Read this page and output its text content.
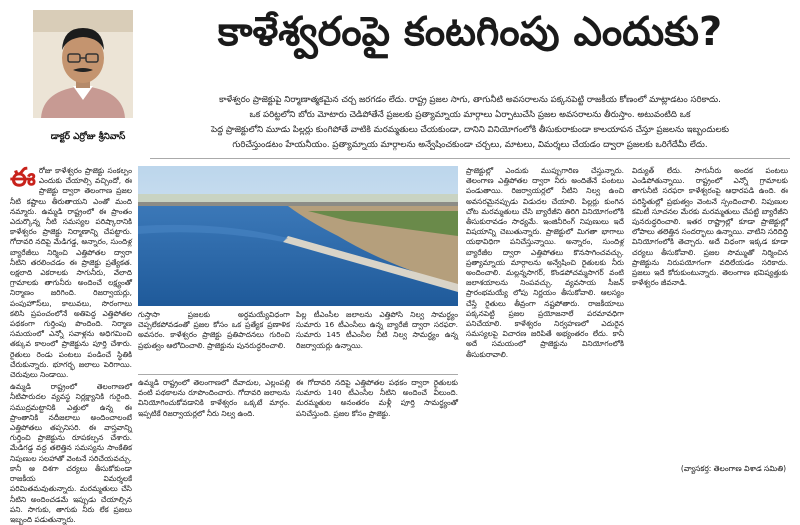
డాక్టర్ ఎర్రోజు శ్రీనివాస్
కాళేశ్వరంపై కంటగింపు ఎందుకు?
కాళేశ్వరం ప్రాజెక్టుపై నిర్మాణాత్మకమైన చర్చ జరగడం లేదు. రాష్ట్ర ప్రజల సాగు, తాగునీటి అవసరాలను పక్కనపెట్టి రాజకీయ కోణంలో మాట్లాడటం సరికాదు.
ఒక పరిట్టలోని బోరు మోటారు చెడిపోతేనే ప్రజలకు ప్రత్యామ్నాయ మార్గాలు ఏర్పాటుచేసి ప్రజల అవసరాలను తీరుస్తాం. అటువంటిది ఒక
పెద్ద ప్రాజెక్టులోని మూడు పిల్లర్లు కుంగిపోతే వాటికి మరమ్మతులు చేయకుండా, దానిని వినియోగంలోకి తీసుకురాకుండా కాలయాపన చేస్తూ ప్రజలను ఇబ్బందులకు
గురిచేస్తుండటం హేయనీయం. ప్రత్యామ్నాయ మార్గాలను అన్వేషించకుండా చర్చలు, మాటలు, విమర్శలు చేయడం ద్వారా ప్రజలకు ఒరిగేదేమీ లేదు.
ఈ రోజు కాళేశ్వరం ప్రాజెక్టు సంకల్పం ఎందుకు చేయాల్సి వచ్చిందో, ఈ ప్రాజెక్టు ద్వారా తెలంగాణ ప్రజల నీటి కష్టాలు తీరుతాయని ఎంతో మంది నమ్మారు. ఉమ్మడి రాష్ట్రంలో ఈ ప్రాంతం ఎదుర్కొన్న నీటి సమస్యల పరిష్కారానికి కాళేశ్వరం ప్రాజెక్టు నిర్మాణాన్ని చేపట్టారు. గోదావరి నదిపై మేడిగడ్డ, అన్నారం, సుందిళ్ల బ్యారేజీలు నిర్మించి ఎత్తిపోతల ద్వారా నీటిని తరలించడం ఈ ప్రాజెక్టు ప్రత్యేకత. లక్షలాది ఎకరాలకు సాగునీరు, వేలాది గ్రామాలకు తాగునీరు అందించే లక్ష్యంతో నిర్మాణం జరిగింది. రిజర్వాయర్లు, పంపుహౌస్‌లు, కాలువలు, సొరంగాలు కలిసి ప్రపంచంలోనే అతిపెద్ద ఎత్తిపోతల పథకంగా గుర్తింపు పొందింది. నిర్మాణ సమయంలో ఎన్నో సవాళ్లను అధిగమించి తక్కువ కాలంలో ప్రాజెక్టును పూర్తి చేశారు. రైతులు రెండు పంటలు పండించే స్థితికి చేరుకున్నారు. భూగర్భ జలాలు పెరిగాయి. చెరువులు నిండాయి.

ఉమ్మడి రాష్ట్రంలో తెలంగాణలో నీటిపారుదల వ్యవస్థ నిర్లక్ష్యానికి గురైంది. సముద్రమట్టానికి ఎత్తులో ఉన్న ఈ ప్రాంతానికి నదీజలాలు అందించాలంటే ఎత్తిపోతలు తప్పనిసరి. ఈ వాస్తవాన్ని గుర్తించి ప్రాజెక్టును రూపకల్పన చేశారు. మేడిగడ్డ వద్ద తలెత్తిన సమస్యను సాంకేతిక నిపుణుల సలహాతో వెంటనే సరిచేయవచ్చు. కానీ ఆ దిశగా చర్యలు తీసుకోకుండా రాజకీయ విమర్శలకే పరిమితమవుతున్నారు. మరమ్మతులు చేసి నీటిని అందించడమే ఇప్పుడు చేయాల్సిన పని. సాగుకు, తాగుకు నీరు లేక ప్రజలు ఇబ్బంది పడుతున్నారు.

గుస్తాసా ప్రజలకు అర్థమయ్యేవిధంగా చెప్పలేకపోవడంతో ప్రజల కోసం ఒక ప్రత్యేక ప్రణాళిక అవసరం. కాళేశ్వరం ప్రాజెక్టు ప్రతిపాదనలు గురించి ప్రభుత్వం ఆలోచించాలి. ప్రాజెక్టును పునరుద్ధరించాలి.
పిల్ల టీఎంసీల జలాలను ఎత్తిపోసి నిల్వ సామర్థ్యం సుమారు 16 టీఎంసీలు ఉన్న బ్యారేజీ ద్వారా సరఫరా. సుమారు 145 టీఎంసీల నీటి నిల్వ సామర్థ్యం ఉన్న రిజర్వాయర్లు ఉన్నాయి.
ఉమ్మడి రాష్ట్రంలో తెలంగాణలో దేవాదుల, ఎల్లంపల్లి వంటి పథకాలను రూపొందించారు. గోదావరి జలాలను వినియోగించుకోవడానికి కాళేశ్వరం ఒక్కటే మార్గం. ఇప్పటికే రిజర్వాయర్లలో నీరు నిల్వ ఉంది.
ఈ గోదావరి నదిపై ఎత్తిపోతల పథకం ద్వారా రైతులకు సుమారు 140 టీఎంసీల నీటిని అందించే వీలుంది. మరమ్మతుల అనంతరం మళ్లీ పూర్తి సామర్థ్యంతో పనిచేస్తుంది. ప్రజల కోసం ప్రాజెక్టు.
ప్రాజెక్టుల్లో ఎందుకు ముప్పుగారిణ చేస్తున్నారు. తెలంగాణ ఎత్తిపోతల ద్వారా నీరు అందితేనే పంటలు పండుతాయి. రిజర్వాయర్లలో నీటిని నిల్వ ఉంచి అవసరమైనప్పుడు విడుదల చేయాలి. పిల్లర్లు కుంగిన చోట మరమ్మతులు చేసి బ్యారేజీని తిరిగి వినియోగంలోకి తీసుకురావడం సాధ్యమే. ఇంజినీరింగ్ నిపుణులు ఇదే విషయాన్ని చెబుతున్నారు. ప్రాజెక్టులో మిగతా భాగాలు యథావిధిగా పనిచేస్తున్నాయి. అన్నారం, సుందిళ్ల బ్యారేజీల ద్వారా ఎత్తిపోతలు కొనసాగించవచ్చు. ప్రత్యామ్నాయ మార్గాలను అన్వేషించి రైతులకు నీరు అందించాలి. మల్లన్నసాగర్, కొండపోచమ్మసాగర్ వంటి జలాశయాలను నింపవచ్చు. వ్యవసాయ సీజన్ ప్రారంభమయ్యే లోపు నిర్ణయం తీసుకోవాలి. ఆలస్యం చేస్తే రైతులు తీవ్రంగా నష్టపోతారు. రాజకీయాలు పక్కనపెట్టి ప్రజల ప్రయోజనాలే పరమావధిగా పనిచేయాలి. కాళేశ్వరం నిర్వహణలో ఎదురైన సమస్యలపై విచారణ జరిపితే అభ్యంతరం లేదు. కానీ అదే సమయంలో ప్రాజెక్టును వినియోగంలోకి తీసుకురావాలి.
విద్యుత్ లేదు. సాగునీరు అందక పంటలు ఎండిపోతున్నాయి. రాష్ట్రంలో ఎన్నో గ్రామాలకు తాగునీటి సరఫరా కాళేశ్వరంపై ఆధారపడి ఉంది. ఈ పరిస్థితుల్లో ప్రభుత్వం వెంటనే స్పందించాలి. నిపుణుల కమిటీ సూచనల మేరకు మరమ్మతులు చేపట్టి బ్యారేజీని పునరుద్ధరించాలి. ఇతర రాష్ట్రాల్లో కూడా ప్రాజెక్టుల్లో లోపాలు తలెత్తిన సందర్భాలు ఉన్నాయి. వాటిని సరిదిద్ది వినియోగంలోకి తెచ్చారు. అదే విధంగా ఇక్కడ కూడా చర్యలు తీసుకోవాలి. ప్రజల సొమ్ముతో నిర్మించిన ప్రాజెక్టును నిరుపయోగంగా వదిలేయడం సరికాదు. ప్రజలు ఇదే కోరుకుంటున్నారు. తెలంగాణ భవిష్యత్తుకు కాళేశ్వరం జీవనాడి.
(వ్యాసకర్త: తెలంగాణ విశాడ సమితి)
